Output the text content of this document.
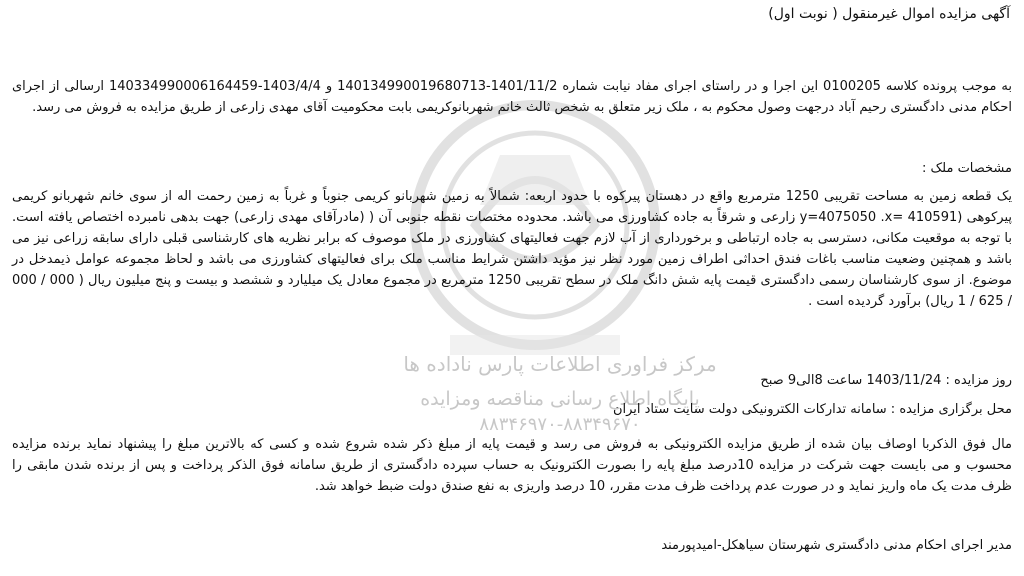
مرکز فراوری اطلاعات پارس ناداده ها
پایگاه اطلاع رسانی مناقصه ومزایده
۸۸۳۴۶۹۷۰-۸۸۳۴۹۶۷۰
آگهی مزایده اموال غیرمنقول ( نوبت اول)

به موجب پرونده کلاسه 0100205 این اجرا و در راستای اجرای مفاد نیابت شماره 1401/11/2-140134990019680713 و 1403/4/4-140334990006164459 ارسالی از اجرای احکام مدنی دادگستری رحیم آباد درجهت وصول محکوم به ، ملک زیر متعلق به شخص ثالث خانم شهربانوکریمی بابت محکومیت آقای مهدی زارعی از طریق مزایده به فروش می رسد.

مشخصات ملک :

یک قطعه زمین به مساحت تقریبی 1250 مترمربع واقع در دهستان پیرکوه با حدود اربعه: شمالاً به زمین شهربانو کریمی جنوباً و غرباً به زمین رحمت اله از سوی خانم شهربانو کریمی پیرکوهی (y=4075050 .x= 410591 زارعی و شرقاً به جاده کشاورزی می باشد. محدوده مختصات نقطه جنوبی آن ( (مادرآقای مهدی زارعی) جهت بدهی نامبرده اختصاص یافته است. با توجه به موقعیت مکانی، دسترسی به جاده ارتباطی و برخورداری از آب لازم جهت فعالیتهای کشاورزی در ملک موصوف که برابر نظریه های کارشناسی قبلی دارای سابقه زراعی نیز می باشد و همچنین وضعیت مناسب باغات فندق احداثی اطراف زمین مورد نظر نیز مؤید داشتن شرایط مناسب ملک برای فعالیتهای کشاورزی می باشد و لحاظ مجموعه عوامل ذیمدخل در موضوع. از سوی کارشناسان رسمی دادگستری قیمت پایه شش دانگ ملک در سطح تقریبی 1250 مترمربع در مجموع معادل یک میلیارد و ششصد و بیست و پنج میلیون ریال ( 000 / 000 / 625 / 1 ریال) برآورد گردیده است .

روز مزایده : 1403/11/24 ساعت 8الی9 صبح

محل برگزاری مزایده : سامانه تدارکات الکترونیکی دولت سایت ستاد ایران

مال فوق الذکربا اوصاف بیان شده از طریق مزایده الکترونیکی به فروش می رسد و قیمت پایه از مبلغ ذکر شده شروع شده و کسی که بالاترین مبلغ را پیشنهاد نماید برنده مزایده محسوب و می بایست جهت شرکت در مزایده 10درصد مبلغ پایه را بصورت الکترونیک به حساب سپرده دادگستری از طریق سامانه فوق الذکر پرداخت و پس از برنده شدن مابقی را ظرف مدت یک ماه واریز نماید و در صورت عدم پرداخت ظرف مدت مقرر، 10 درصد واریزی به نفع صندق دولت ضبط خواهد شد.

مدیر اجرای احکام مدنی دادگستری شهرستان سیاهکل-امیدپورمند
